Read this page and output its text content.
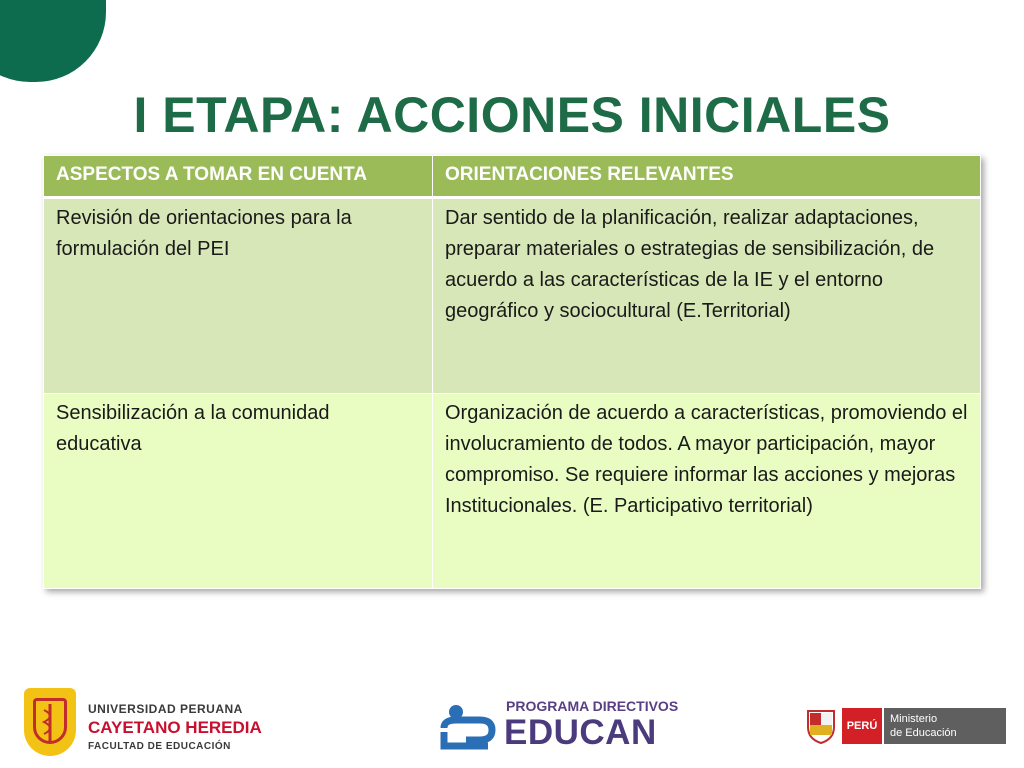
I ETAPA: ACCIONES INICIALES
ASPECTOS A TOMAR EN CUENTA	ORIENTACIONES RELEVANTES
Revisión de orientaciones para la formulación del PEI	Dar sentido de la planificación, realizar adaptaciones, preparar materiales o estrategias de sensibilización, de acuerdo a las características de la IE y el entorno geográfico y sociocultural (E.Territorial)
Sensibilización a la comunidad educativa	Organización de acuerdo a características, promoviendo el involucramiento de todos. A mayor participación, mayor compromiso. Se requiere informar las acciones y mejoras Institucionales. (E. Participativo territorial)
UNIVERSIDAD PERUANA
CAYETANO HEREDIA
FACULTAD DE EDUCACIÓN
PROGRAMA DIRECTIVOS
EDUCAN	PERÚ
Ministerio
de Educación
